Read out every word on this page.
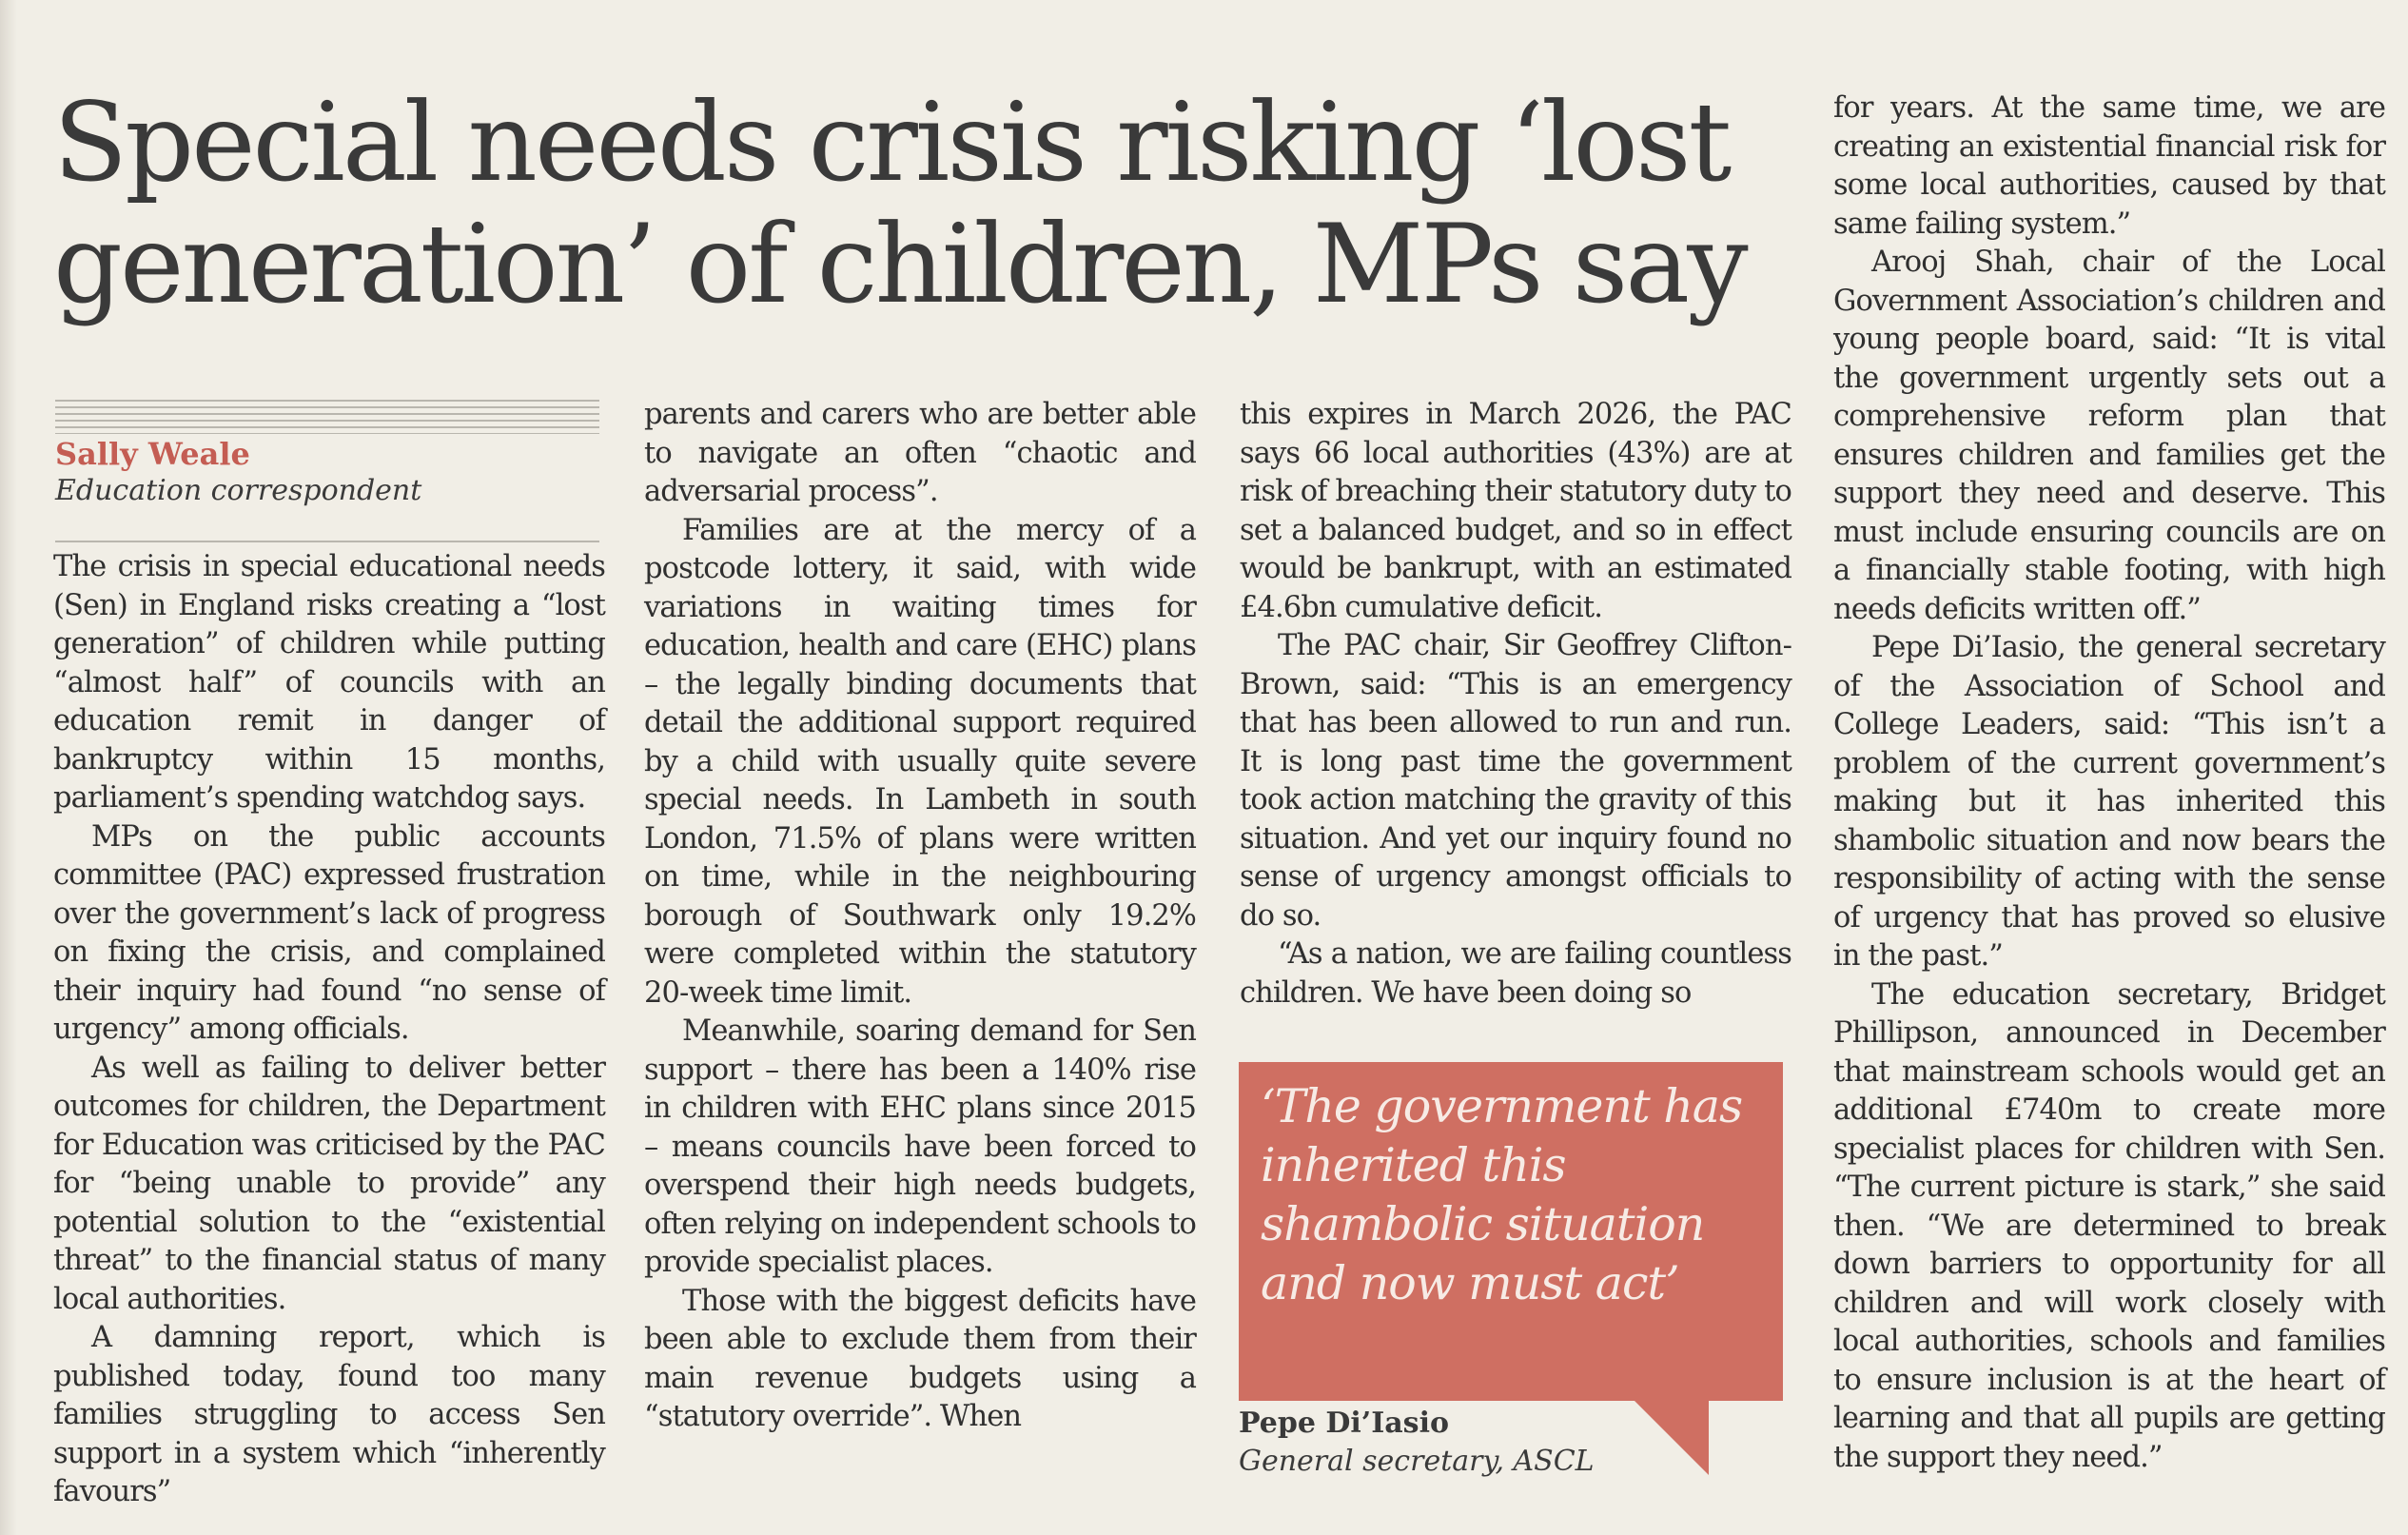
Special needs crisis risking ‘lost generation’ of children, MPs say
Sally Weale
Education correspondent

The crisis in special educational needs (Sen) in England risks creating a “lost generation” of children while putting “almost half” of councils with an education remit in danger of bankruptcy within 15 months, parliament’s spending watchdog says.

MPs on the public accounts committee (PAC) expressed frustration over the government’s lack of progress on fixing the crisis, and complained their inquiry had found “no sense of urgency” among officials.

As well as failing to deliver better outcomes for children, the Department for Education was criticised by the PAC for “being unable to provide” any potential solution to the “existential threat” to the financial status of many local authorities.

A damning report, which is published today, found too many families struggling to access Sen support in a system which “inherently favours”

parents and carers who are better able to navigate an often “chaotic and adversarial process”.

Families are at the mercy of a postcode lottery, it said, with wide variations in waiting times for education, health and care (EHC) plans – the legally binding documents that detail the additional support required by a child with usually quite severe special needs. In Lambeth in south London, 71.5% of plans were written on time, while in the neighbouring borough of Southwark only 19.2% were completed within the statutory 20-week time limit.

Meanwhile, soaring demand for Sen support – there has been a 140% rise in children with EHC plans since 2015 – means councils have been forced to overspend their high needs budgets, often relying on independent schools to provide specialist places.

Those with the biggest deficits have been able to exclude them from their main revenue budgets using a “statutory override”. When

this expires in March 2026, the PAC says 66 local authorities (43%) are at risk of breaching their statutory duty to set a balanced budget, and so in effect would be bankrupt, with an estimated £4.6bn cumulative deficit.

The PAC chair, Sir Geoffrey Clifton-Brown, said: “This is an emergency that has been allowed to run and run. It is long past time the government took action matching the gravity of this situation. And yet our inquiry found no sense of urgency amongst officials to do so.

“As a nation, we are failing countless children. We have been doing so

‘The government has inherited this shambolic situation and now must act’
Pepe Di’Iasio
General secretary, ASCL

for years. At the same time, we are creating an existential financial risk for some local authorities, caused by that same failing system.”

Arooj Shah, chair of the Local Government Association’s children and young people board, said: “It is vital the government urgently sets out a comprehensive reform plan that ensures children and families get the support they need and deserve. This must include ensuring councils are on a financially stable footing, with high needs deficits written off.”

Pepe Di’Iasio, the general secretary of the Association of School and College Leaders, said: “This isn’t a problem of the current government’s making but it has inherited this shambolic situation and now bears the responsibility of acting with the sense of urgency that has proved so elusive in the past.”

The education secretary, Bridget Phillipson, announced in December that mainstream schools would get an additional £740m to create more specialist places for children with Sen. “The current picture is stark,” she said then. “We are determined to break down barriers to opportunity for all children and will work closely with local authorities, schools and families to ensure inclusion is at the heart of learning and that all pupils are getting the support they need.”
